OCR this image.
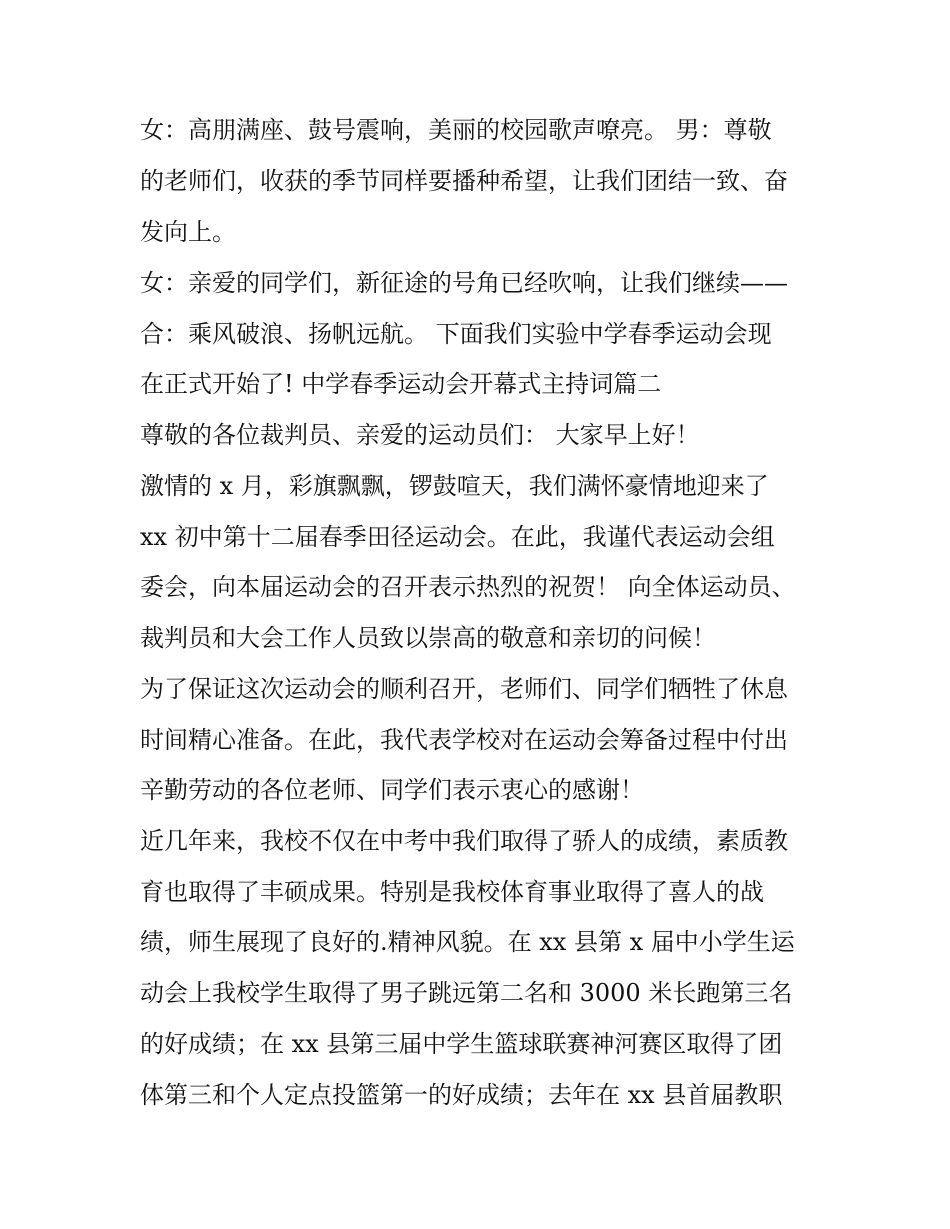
女：高朋满座、鼓号震响，美丽的校园歌声嘹亮。 男：尊敬
的老师们，收获的季节同样要播种希望，让我们团结一致、奋
发向上。
女：亲爱的同学们，新征途的号角已经吹响，让我们继续——
合：乘风破浪、扬帆远航。 下面我们实验中学春季运动会现
在正式开始了! 中学春季运动会开幕式主持词篇二
尊敬的各位裁判员、亲爱的运动员们： 大家早上好！
激情的 x 月，彩旗飘飘，锣鼓喧天，我们满怀豪情地迎来了
xx 初中第十二届春季田径运动会。在此，我谨代表运动会组
委会，向本届运动会的召开表示热烈的祝贺！ 向全体运动员、
裁判员和大会工作人员致以崇高的敬意和亲切的问候！
为了保证这次运动会的顺利召开，老师们、同学们牺牲了休息
时间精心准备。在此，我代表学校对在运动会筹备过程中付出
辛勤劳动的各位老师、同学们表示衷心的感谢！
近几年来，我校不仅在中考中我们取得了骄人的成绩，素质教
育也取得了丰硕成果。特别是我校体育事业取得了喜人的战
绩，师生展现了良好的.精神风貌。在 xx 县第 x 届中小学生运
动会上我校学生取得了男子跳远第二名和 3000 米长跑第三名
的好成绩；在 xx 县第三届中学生篮球联赛神河赛区取得了团
体第三和个人定点投篮第一的好成绩；去年在 xx 县首届教职
